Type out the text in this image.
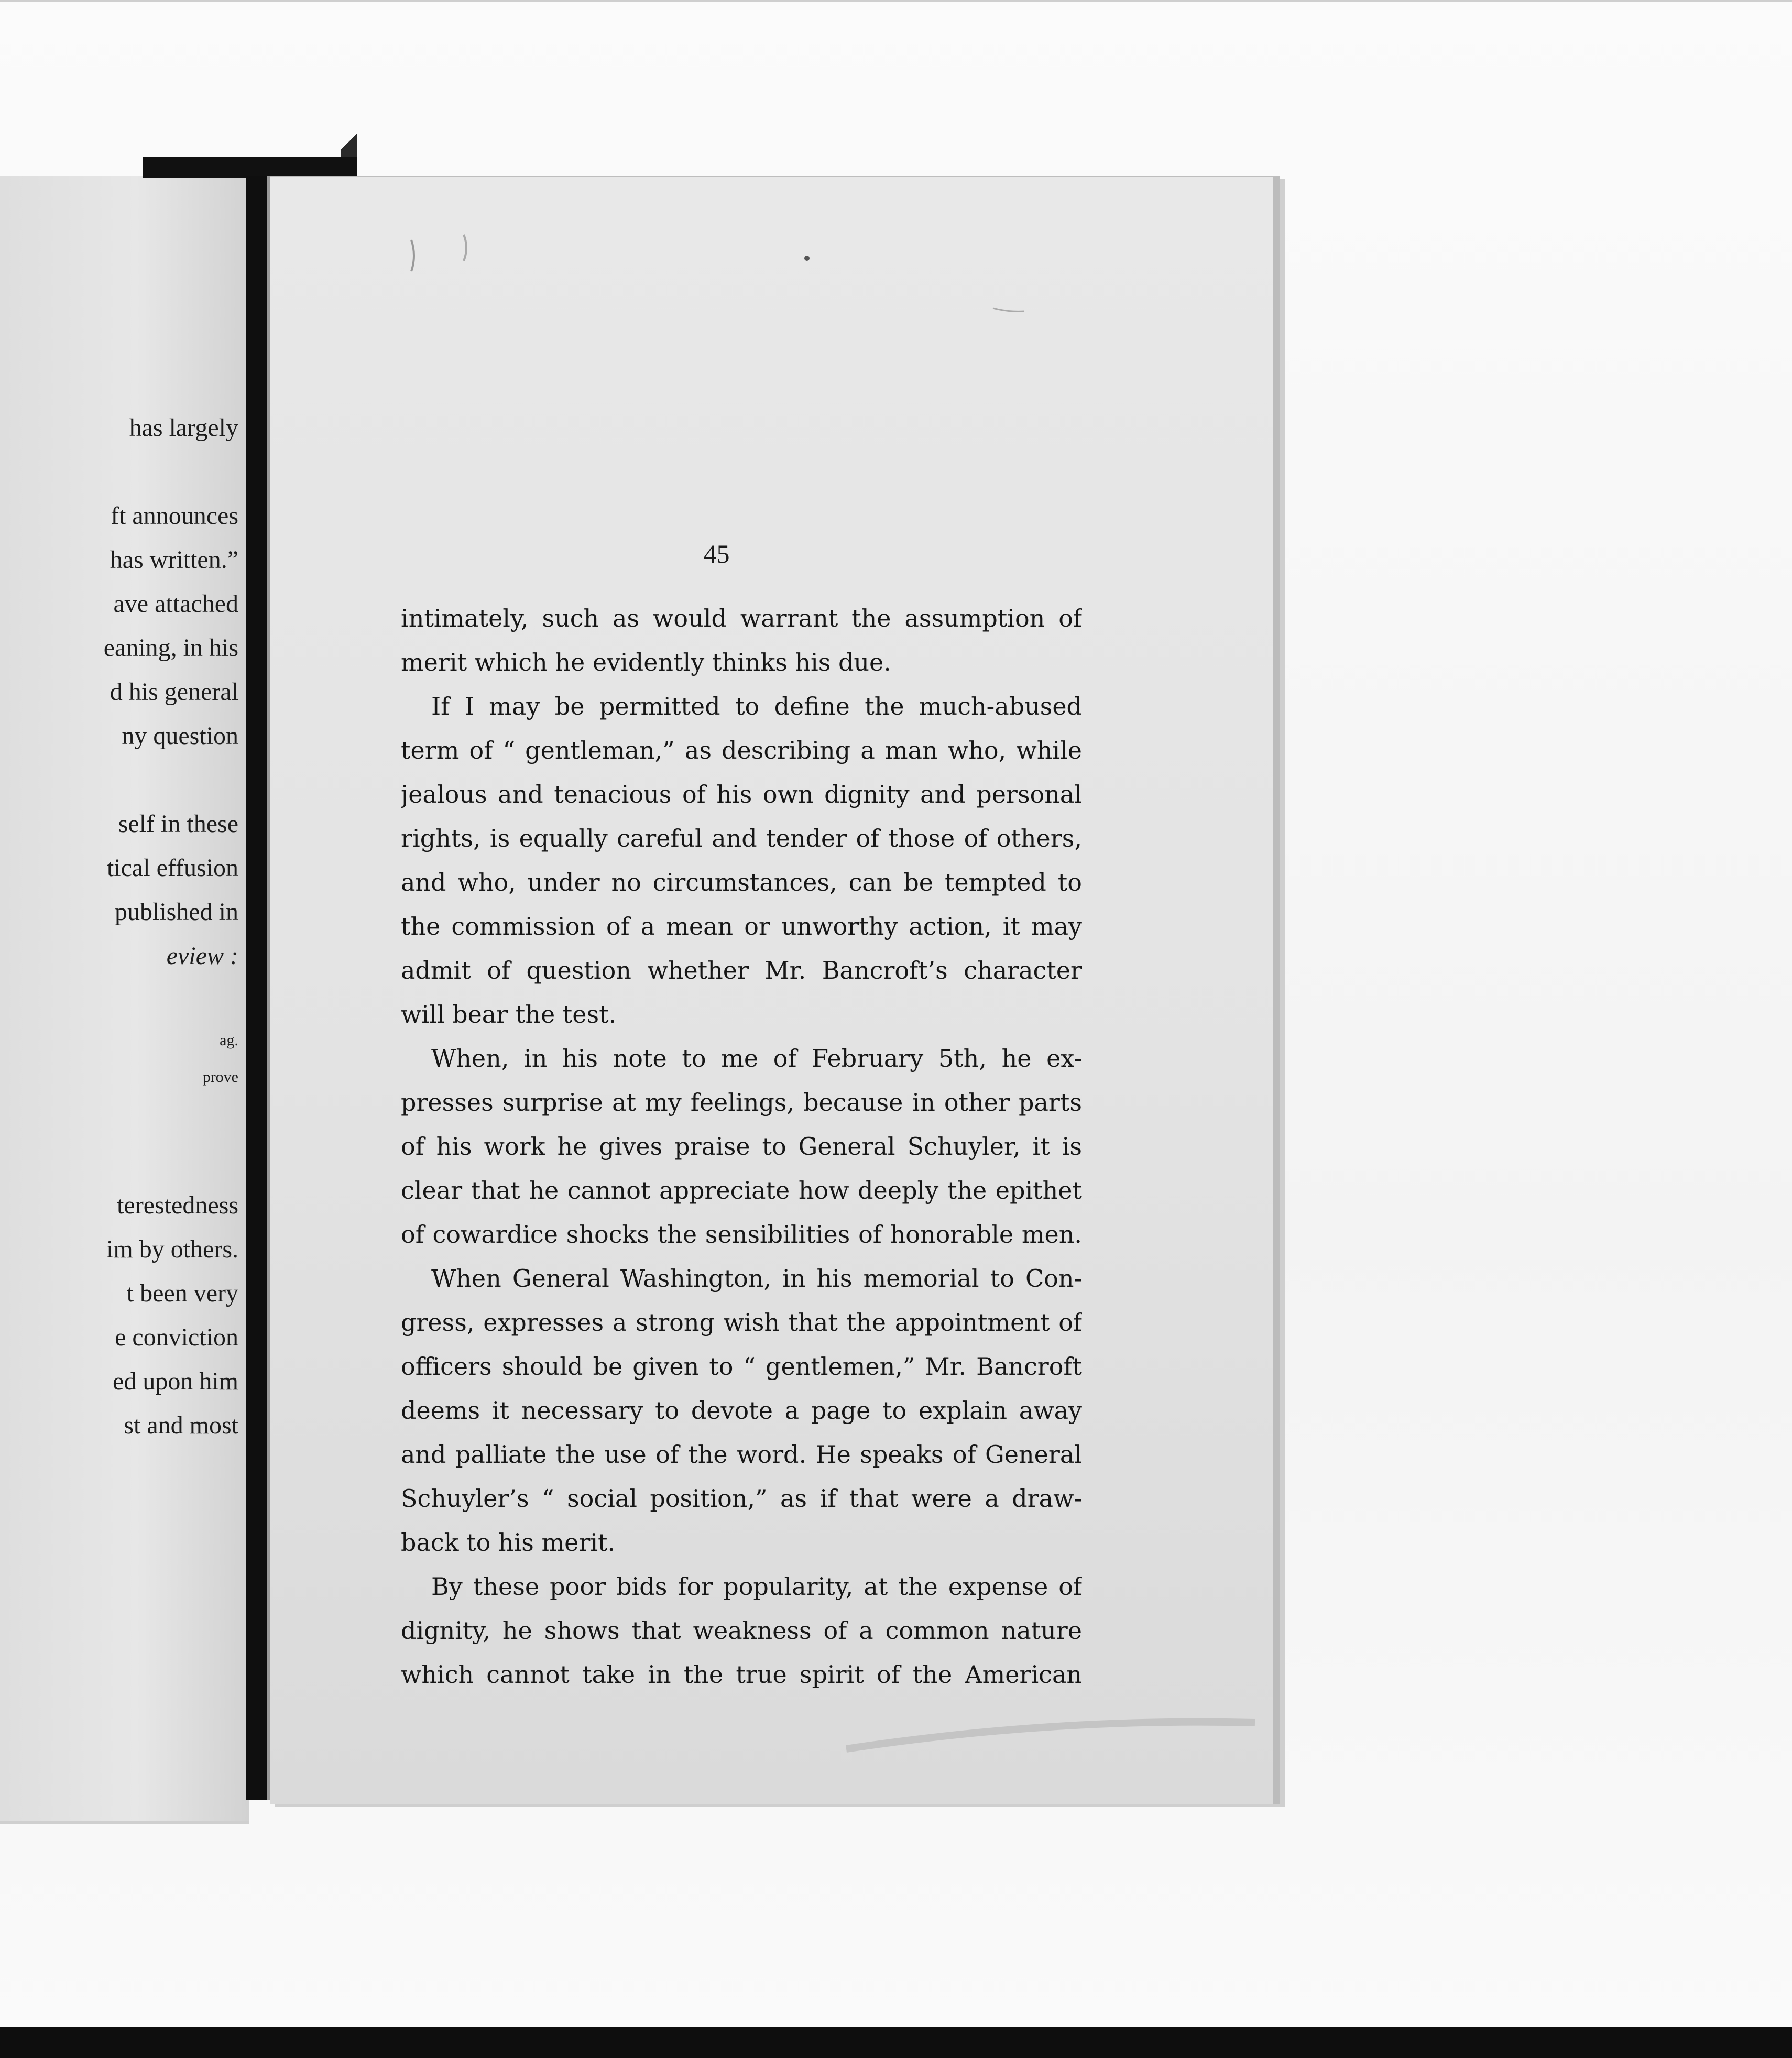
has largely
ft announces
has written.”
ave attached
eaning, in his
d his general
ny question
self in these
tical effusion
published in
eview :
ag.
prove
terestedness
im by others.
t been very
e conviction
ed upon him
st and most
45
intimately, such as would warrant the assumption of
merit which he evidently thinks his due.
If I may be permitted to define the much-abused
term of “ gentleman,” as describing a man who, while
jealous and tenacious of his own dignity and personal
rights, is equally careful and tender of those of others,
and who, under no circumstances, can be tempted to
the commission of a mean or unworthy action, it may
admit of question whether Mr. Bancroft’s character
will bear the test.
When, in his note to me of February 5th, he ex-
presses surprise at my feelings, because in other parts
of his work he gives praise to General Schuyler, it is
clear that he cannot appreciate how deeply the epithet
of cowardice shocks the sensibilities of honorable men.
When General Washington, in his memorial to Con-
gress, expresses a strong wish that the appointment of
officers should be given to “ gentlemen,” Mr. Bancroft
deems it necessary to devote a page to explain away
and palliate the use of the word. He speaks of General
Schuyler’s “ social position,” as if that were a draw-
back to his merit.
By these poor bids for popularity, at the expense of
dignity, he shows that weakness of a common nature
which cannot take in the true spirit of the American
